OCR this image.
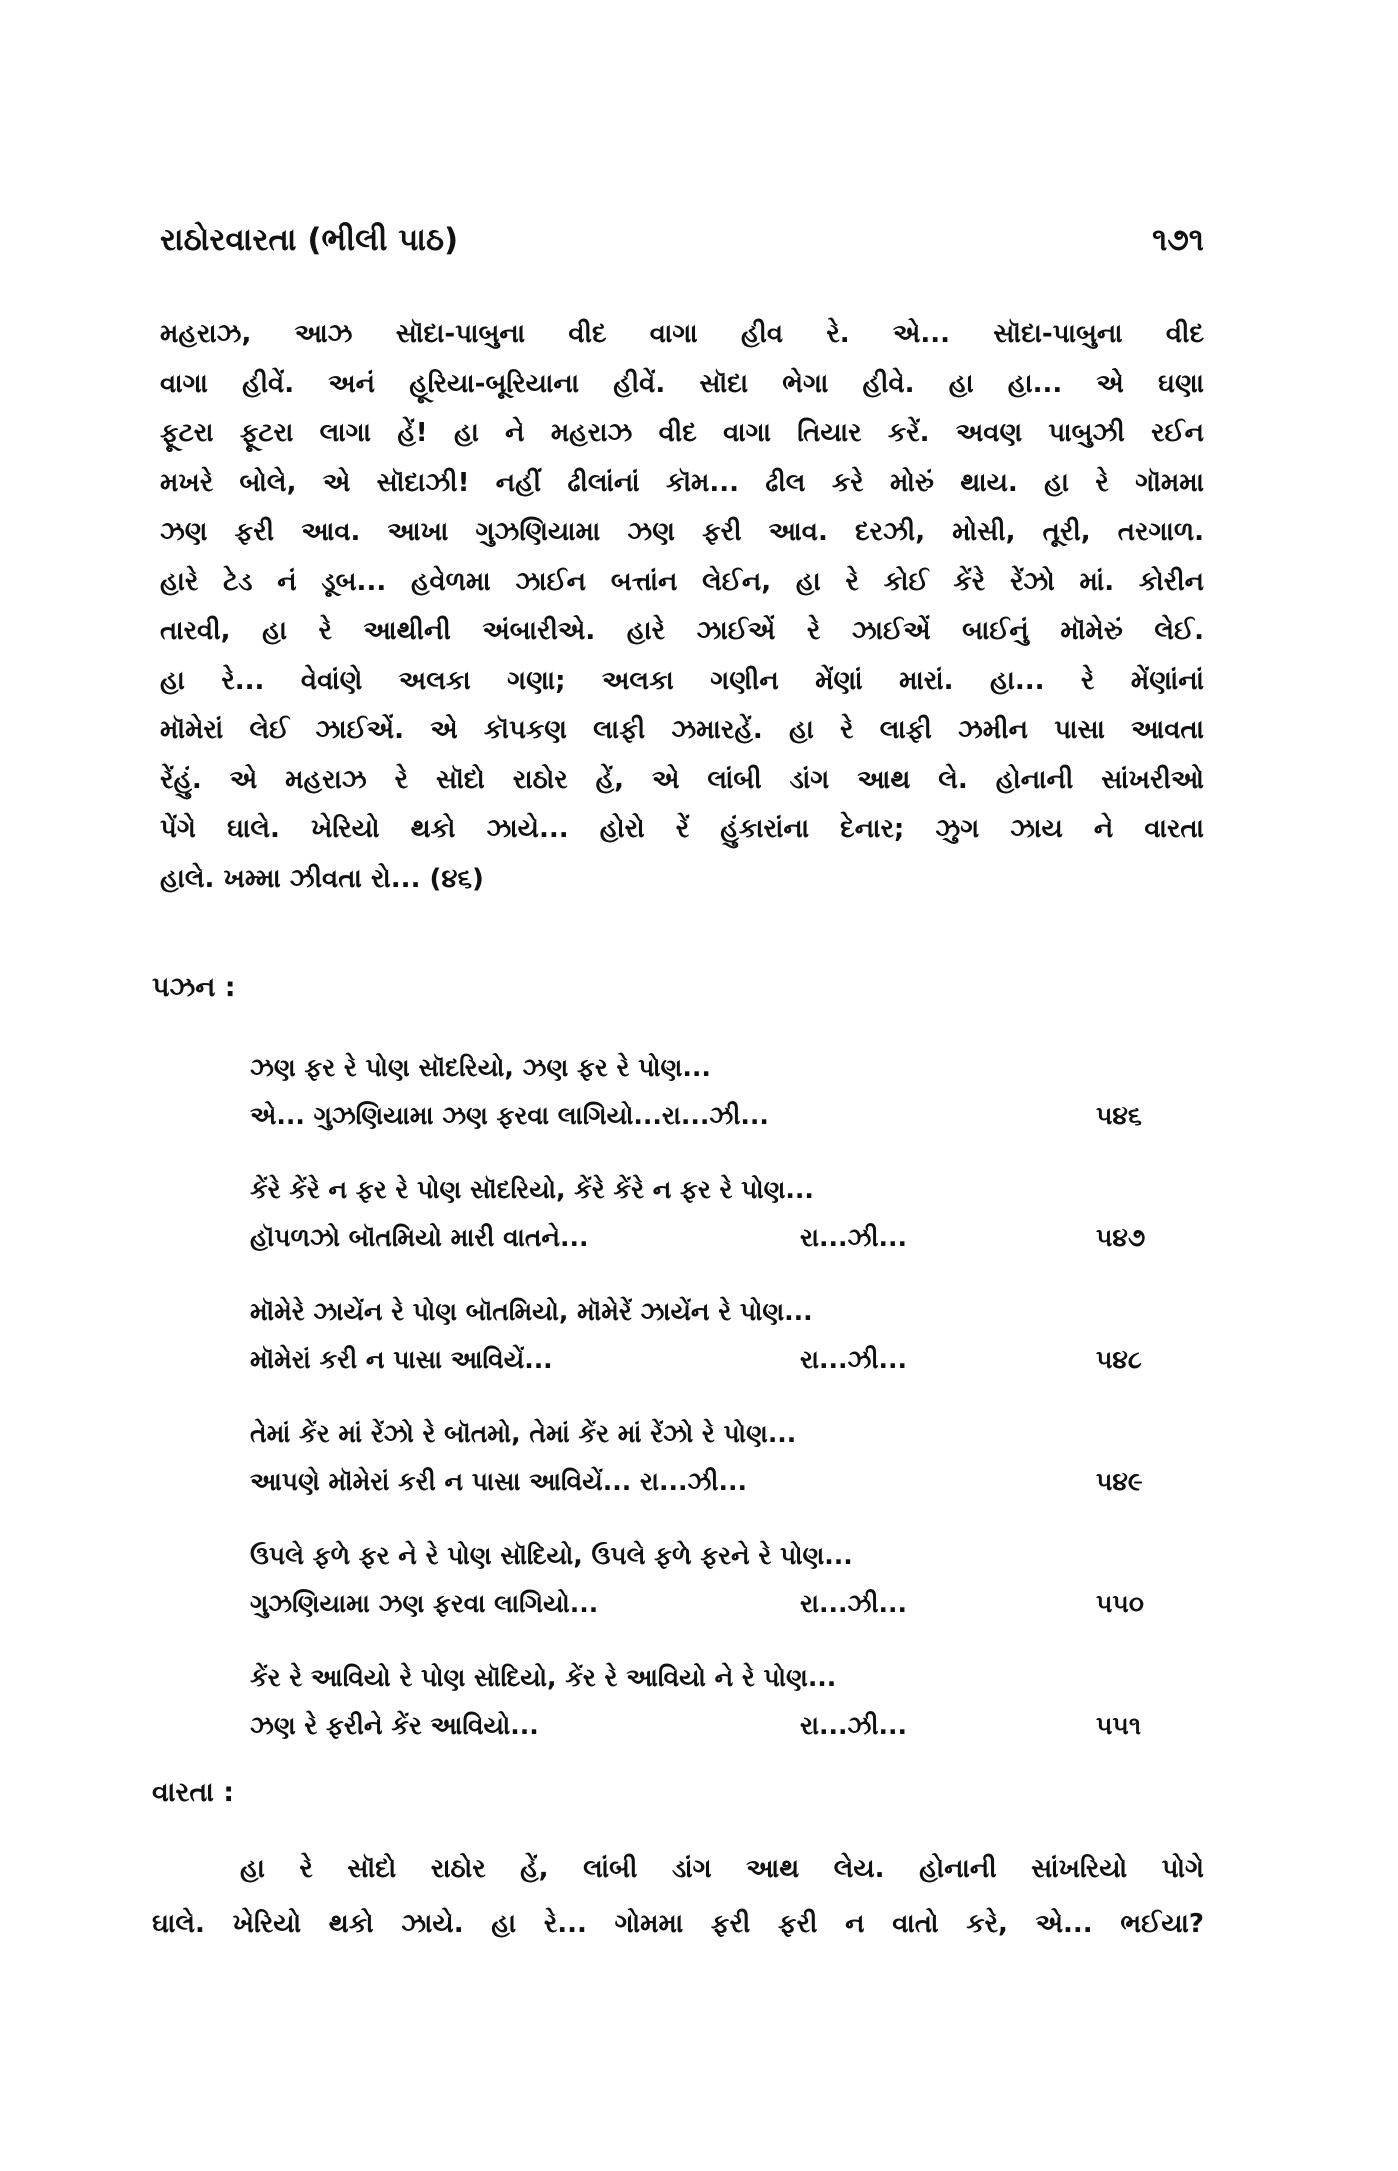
રાઠોરવારતા (ભીલી પાઠ)	૧૭૧
મહરાઝ, આઝ સૉદા-પાબુના વીદ વાગા હીવ રે. એ... સૉદા-પાબુના વીદ
વાગા હીવેં. અનં હૂરિયા-બૂરિયાના હીવેં. સૉદા ભેગા હીવે. હા હા... એ ઘણા
ફૂટરા ફૂટરા લાગા હેં! હા ને મહરાઝ વીદ વાગા તિયાર કરેં. અવણ પાબુઝી રઈન
મખરે બોલે, એ સૉદાઝી! નહીં ઢીલાંનાં કૉમ... ઢીલ કરે મોરું થાય. હા રે ગૉમમા
ઝણ ફરી આવ. આખા ગુઝણિયામા ઝણ ફરી આવ. દરઝી, મોસી, તૂરી, તરગાળ.
હારે ટેડ નં ડૂબ... હવેળમા ઝાઈન બત્તાંન લેઈન, હા રે કોઈ કેંરે રેંઝો માં. કોરીન
તારવી, હા રે આથીની અંબારીએ. હારે ઝાઈએં રે ઝાઈએં બાઈનું મૉમેરું લેઈ.
હા રે... વેવાંણે અલકા ગણા; અલકા ગણીન મેંણાં મારાં. હા... રે મેંણાંનાં
મૉમેરાં લેઈ ઝાઈએં. એ કૉપકણ લાફી ઝમારહેં. હા રે લાફી ઝમીન પાસા આવતા
રેંહું. એ મહરાઝ રે સૉદો રાઠોર હેં, એ લાંબી ડાંગ આથ લે. હોનાની સાંખરીઓ
પેંગે ઘાલે. ખેરિયો થકો ઝાયે... હોરો રેં હુંકારાંના દેનાર; ઝુગ ઝાય ને વારતા
હાલે. ખમ્મા ઝીવતા રો... (૪૬)
પઝન :
ઝણ ફર રે પોણ સૉદરિયો, ઝણ ફર રે પોણ...
એ... ગુઝણિયામા ઝણ ફરવા લાગિયો...રા...ઝી...	૫૪૬
કેંરે કેંરે ન ફર રે પોણ સૉદરિયો, કેંરે કેંરે ન ફર રે પોણ...
હૉપળઝો બૉતમિયો મારી વાતને...	રા...ઝી...	૫૪૭
મૉમેરે ઝાયેંન રે પોણ બૉતમિયો, મૉમેરેં ઝાયેંન રે પોણ...
મૉમેરાં કરી ન પાસા આવિયેં...	રા...ઝી...	૫૪૮
તેમાં કેંર માં રેંઝો રે બૉતમો, તેમાં કેંર માં રેંઝો રે પોણ...
આપણે મૉમેરાં કરી ન પાસા આવિયેં... રા...ઝી...	૫૪૯
ઉપલે ફળે ફર ને રે પોણ સૉદિયો, ઉપલે ફળે ફરને રે પોણ...
ગુઝણિયામા ઝણ ફરવા લાગિયો...	રા...ઝી...	૫૫૦
કેંર રે આવિયો રે પોણ સૉદિયો, કેંર રે આવિયો ને રે પોણ...
ઝણ રે ફરીને કેંર આવિયો...	રા...ઝી...	૫૫૧
વારતા :
હા રે સૉદો રાઠોર હેં, લાંબી ડાંગ આથ લેય. હોનાની સાંખરિયો પોગે
ઘાલે. ખેરિયો થકો ઝાયે. હા રે... ગોમમા ફરી ફરી ન વાતો કરે, એ... ભઈયા?
